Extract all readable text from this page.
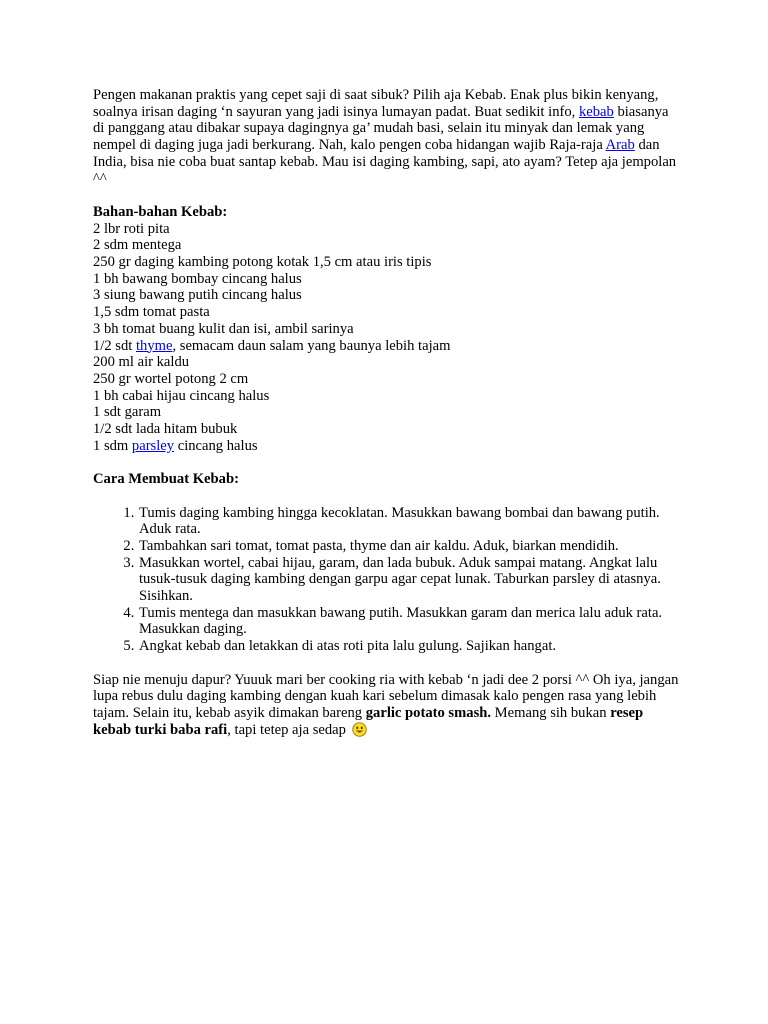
Pengen makanan praktis yang cepet saji di saat sibuk? Pilih aja Kebab. Enak plus bikin kenyang, soalnya irisan daging ‘n sayuran yang jadi isinya lumayan padat. Buat sedikit info, kebab biasanya di panggang atau dibakar supaya dagingnya ga’ mudah basi, selain itu minyak dan lemak yang nempel di daging juga jadi berkurang. Nah, kalo pengen coba hidangan wajib Raja-raja Arab dan India, bisa nie coba buat santap kebab. Mau isi daging kambing, sapi, ato ayam? Tetep aja jempolan ^^

Bahan-bahan Kebab:
2 lbr roti pita
2 sdm mentega
250 gr daging kambing potong kotak 1,5 cm atau iris tipis
1 bh bawang bombay cincang halus
3 siung bawang putih cincang halus
1,5 sdm tomat pasta
3 bh tomat buang kulit dan isi, ambil sarinya
1/2 sdt thyme, semacam daun salam yang baunya lebih tajam
200 ml air kaldu
250 gr wortel potong 2 cm
1 bh cabai hijau cincang halus
1 sdt garam
1/2 sdt lada hitam bubuk
1 sdm parsley cincang halus
Cara Membuat Kebab:
1. Tumis daging kambing hingga kecoklatan. Masukkan bawang bombai dan bawang putih. Aduk rata.
2. Tambahkan sari tomat, tomat pasta, thyme dan air kaldu. Aduk, biarkan mendidih.
3. Masukkan wortel, cabai hijau, garam, dan lada bubuk. Aduk sampai matang. Angkat lalu tusuk-tusuk daging kambing dengan garpu agar cepat lunak. Taburkan parsley di atasnya. Sisihkan.
4. Tumis mentega dan masukkan bawang putih. Masukkan garam dan merica lalu aduk rata. Masukkan daging.
5. Angkat kebab dan letakkan di atas roti pita lalu gulung. Sajikan hangat.

Siap nie menuju dapur? Yuuuk mari ber cooking ria with kebab ‘n jadi dee 2 porsi ^^ Oh iya, jangan lupa rebus dulu daging kambing dengan kuah kari sebelum dimasak kalo pengen rasa yang lebih tajam. Selain itu, kebab asyik dimakan bareng garlic potato smash. Memang sih bukan resep kebab turki baba rafi, tapi tetep aja sedap
